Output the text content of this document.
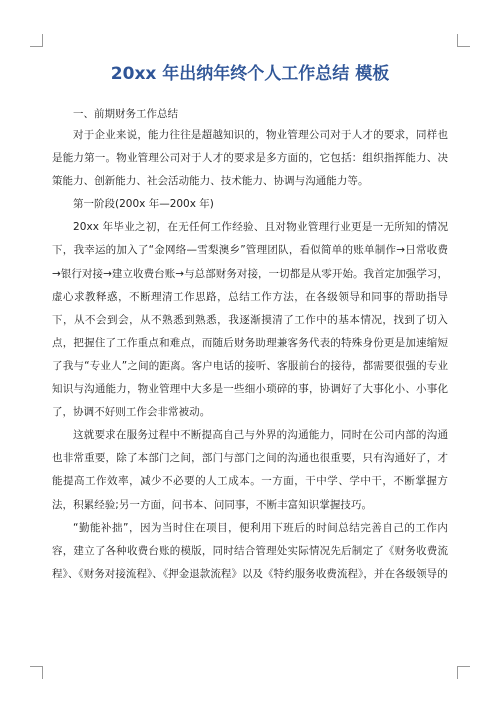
20xx 年出纳年终个人工作总结 模板
一、前期财务工作总结

对于企业来说，能力往往是超越知识的，物业管理公司对于人才的要求，同样也是能力第一。物业管理公司对于人才的要求是多方面的，它包括：组织指挥能力、决策能力、创新能力、社会活动能力、技术能力、协调与沟通能力等。

第一阶段(200x 年—200x 年)

20xx 年毕业之初，在无任何工作经验、且对物业管理行业更是一无所知的情况下，我幸运的加入了“金网络—雪梨澳乡”管理团队，看似简单的账单制作→日常收费→银行对接→建立收费台账→与总部财务对接，一切都是从零开始。我首定加强学习，虚心求教释惑，不断理清工作思路，总结工作方法，在各级领导和同事的帮助指导下，从不会到会，从不熟悉到熟悉，我逐渐摸清了工作中的基本情况，找到了切入点，把握住了工作重点和难点，而随后财务助理兼客务代表的特殊身份更是加速缩短了我与“专业人”之间的距离。客户电话的接听、客服前台的接待，都需要很强的专业知识与沟通能力，物业管理中大多是一些细小琐碎的事，协调好了大事化小、小事化了，协调不好则工作会非常被动。

这就要求在服务过程中不断提高自己与外界的沟通能力，同时在公司内部的沟通也非常重要，除了本部门之间，部门与部门之间的沟通也很重要，只有沟通好了，才能提高工作效率，减少不必要的人工成本。一方面，干中学、学中干，不断掌握方法，积累经验;另一方面，问书本、问同事，不断丰富知识掌握技巧。

“勤能补拙”，因为当时住在项目，便利用下班后的时间总结完善自己的工作内容，建立了各种收费台账的模版，同时结合管理处实际情况先后制定了《财务收费流程》、《财务对接流程》、《押金退款流程》以及《特约服务收费流程》，并在各级领导的
